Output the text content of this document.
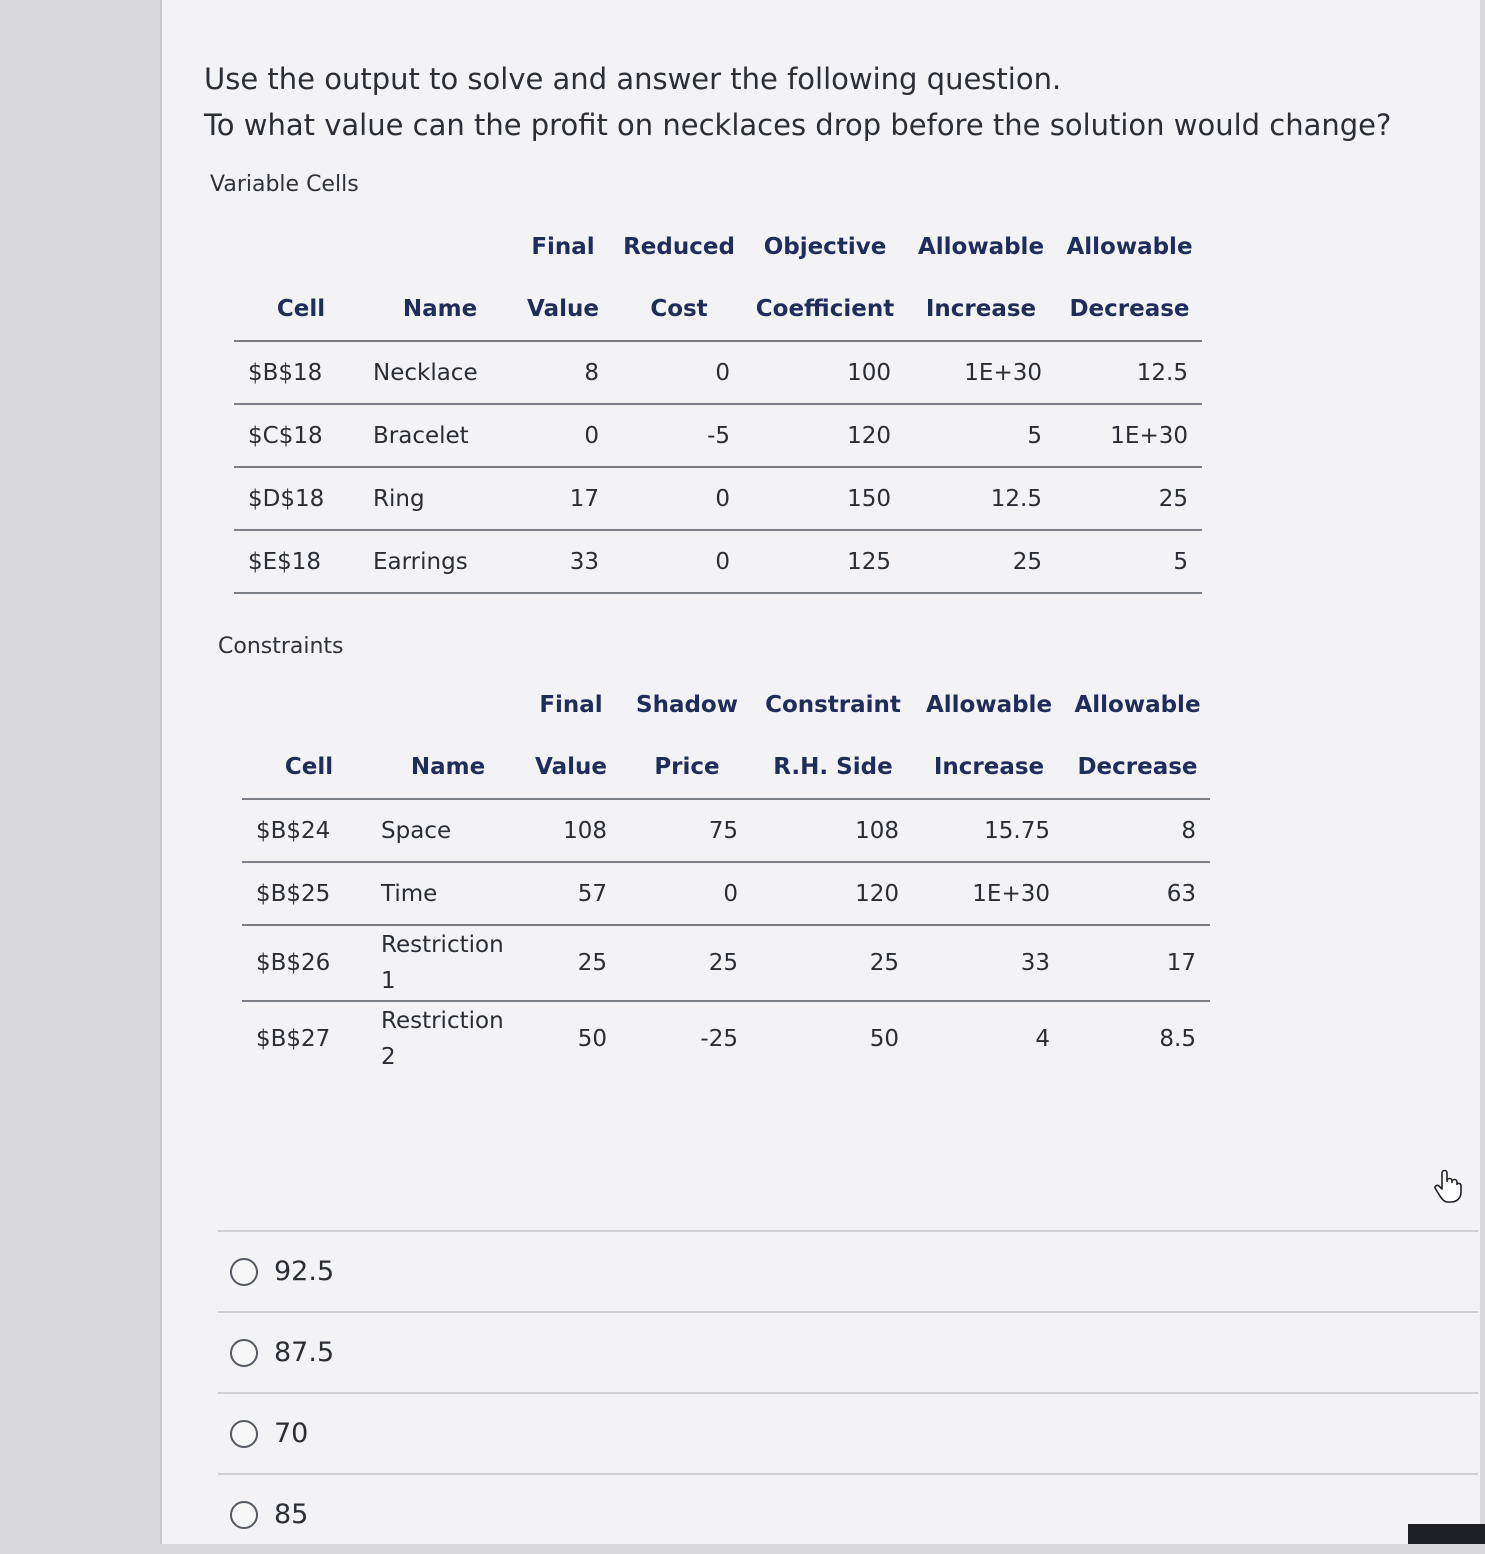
Use the output to solve and answer the following question.
To what value can the profit on necklaces drop before the solution would change?
Variable Cells
		Final	Reduced	Objective	Allowable	Allowable
Cell	Name	Value	Cost	Coefficient	Increase	Decrease
$B$18	Necklace	8	0	100	1E+30	12.5
$C$18	Bracelet	0	-5	120	5	1E+30
$D$18	Ring	17	0	150	12.5	25
$E$18	Earrings	33	0	125	25	5
Constraints
		Final	Shadow	Constraint	Allowable	Allowable
Cell	Name	Value	Price	R.H. Side	Increase	Decrease
$B$24	Space	108	75	108	15.75	8
$B$25	Time	57	0	120	1E+30	63
$B$26	Restriction 1	25	25	25	33	17
$B$27	Restriction 2	50	-25	50	4	8.5
92.5
87.5
70
85
